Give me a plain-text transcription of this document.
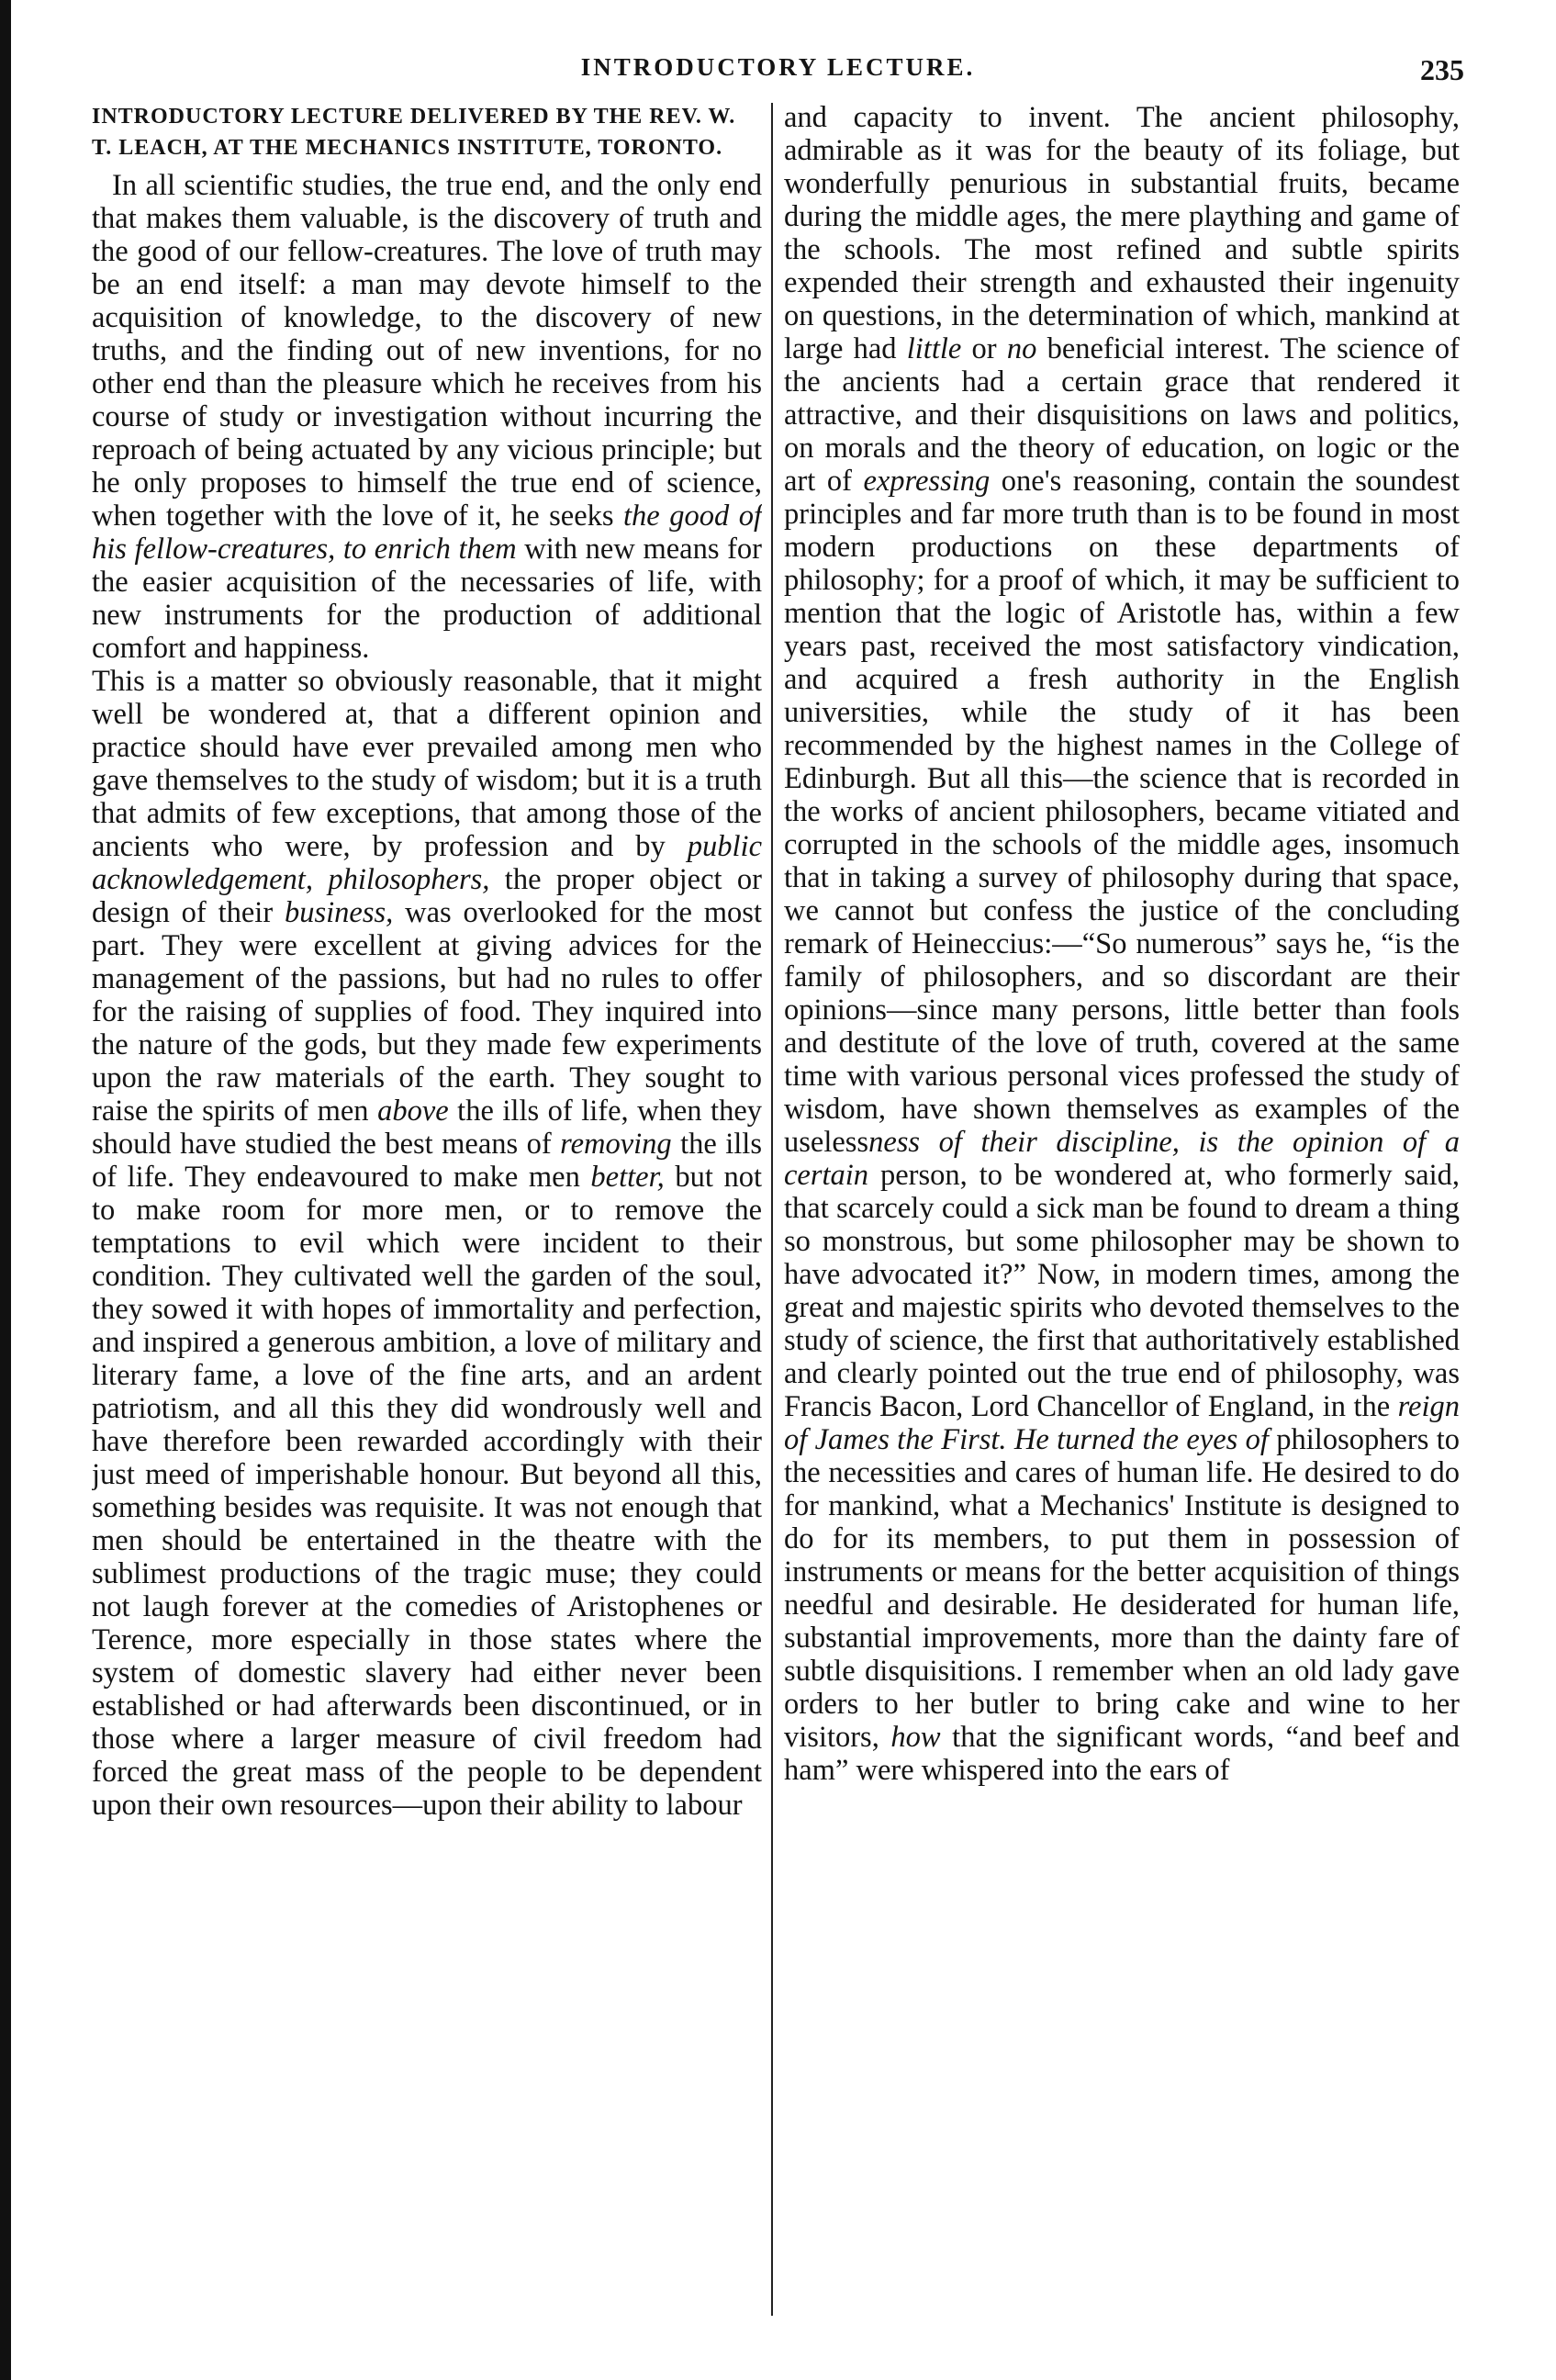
INTRODUCTORY LECTURE.	235
INTRODUCTORY LECTURE DELIVERED BY THE REV. W.
T. LEACH, AT THE MECHANICS INSTITUTE, TORONTO.

In all scientific studies, the true end, and the only end that makes them valuable, is the discovery of truth and the good of our fellow-creatures. The love of truth may be an end itself: a man may devote himself to the acquisition of knowledge, to the discovery of new truths, and the finding out of new inventions, for no other end than the pleasure which he receives from his course of study or investigation without incurring the reproach of being actuated by any vicious principle; but he only proposes to himself the true end of science, when together with the love of it, he seeks the good of his fellow-creatures, to enrich them with new means for the easier acquisition of the necessaries of life, with new instruments for the production of additional comfort and happiness.

This is a matter so obviously reasonable, that it might well be wondered at, that a different opinion and practice should have ever prevailed among men who gave themselves to the study of wisdom; but it is a truth that admits of few exceptions, that among those of the ancients who were, by profession and by public acknowledgement, philosophers, the proper object or design of their business, was overlooked for the most part. They were excellent at giving advices for the management of the passions, but had no rules to offer for the raising of supplies of food. They inquired into the nature of the gods, but they made few experiments upon the raw materials of the earth. They sought to raise the spirits of men above the ills of life, when they should have studied the best means of removing the ills of life. They endeavoured to make men better, but not to make room for more men, or to remove the temptations to evil which were incident to their condition. They cultivated well the garden of the soul, they sowed it with hopes of immortality and perfection, and inspired a generous ambition, a love of military and literary fame, a love of the fine arts, and an ardent patriotism, and all this they did wondrously well and have therefore been rewarded accordingly with their just meed of imperishable honour. But beyond all this, something besides was requisite. It was not enough that men should be entertained in the theatre with the sublimest productions of the tragic muse; they could not laugh forever at the comedies of Aristophenes or Terence, more especially in those states where the system of domestic slavery had either never been established or had afterwards been discontinued, or in those where a larger measure of civil freedom had forced the great mass of the people to be dependent upon their own resources—upon their ability to labour

and capacity to invent. The ancient philosophy, admirable as it was for the beauty of its foliage, but wonderfully penurious in substantial fruits, became during the middle ages, the mere plaything and game of the schools. The most refined and subtle spirits expended their strength and exhausted their ingenuity on questions, in the determination of which, mankind at large had little or no beneficial interest. The science of the ancients had a certain grace that rendered it attractive, and their disquisitions on laws and politics, on morals and the theory of education, on logic or the art of expressing one's reasoning, contain the soundest principles and far more truth than is to be found in most modern productions on these departments of philosophy; for a proof of which, it may be sufficient to mention that the logic of Aristotle has, within a few years past, received the most satisfactory vindication, and acquired a fresh authority in the English universities, while the study of it has been recommended by the highest names in the College of Edinburgh. But all this—the science that is recorded in the works of ancient philosophers, became vitiated and corrupted in the schools of the middle ages, insomuch that in taking a survey of philosophy during that space, we cannot but confess the justice of the concluding remark of Heineccius:—“So numerous” says he, “is the family of philosophers, and so discordant are their opinions—since many persons, little better than fools and destitute of the love of truth, covered at the same time with various personal vices professed the study of wisdom, have shown themselves as examples of the uselessness of their discipline, is the opinion of a certain person, to be wondered at, who formerly said, that scarcely could a sick man be found to dream a thing so monstrous, but some philosopher may be shown to have advocated it?” Now, in modern times, among the great and majestic spirits who devoted themselves to the study of science, the first that authoritatively established and clearly pointed out the true end of philosophy, was Francis Bacon, Lord Chancellor of England, in the reign of James the First. He turned the eyes of philosophers to the necessities and cares of human life. He desired to do for mankind, what a Mechanics' Institute is designed to do for its members, to put them in possession of instruments or means for the better acquisition of things needful and desirable. He desiderated for human life, substantial improvements, more than the dainty fare of subtle disquisitions. I remember when an old lady gave orders to her butler to bring cake and wine to her visitors, how that the significant words, “and beef and ham” were whispered into the ears of
